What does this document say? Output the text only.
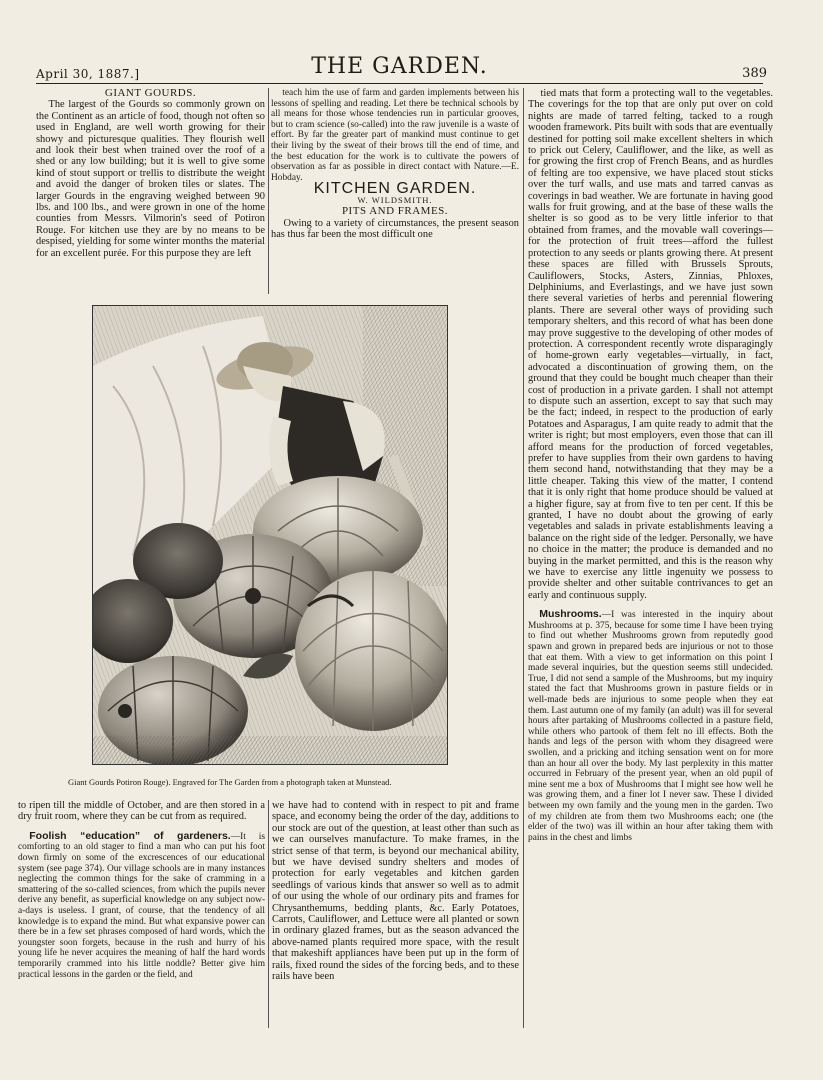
April 30, 1887.]	THE GARDEN.	389

GIANT GOURDS.

The largest of the Gourds so commonly grown on the Continent as an article of food, though not often so used in England, are well worth growing for their showy and picturesque qualities. They flourish well and look their best when trained over the roof of a shed or any low building; but it is well to give some kind of stout support or trellis to distribute the weight and avoid the danger of broken tiles or slates. The larger Gourds in the engraving weighed between 90 lbs. and 100 lbs., and were grown in one of the home counties from Messrs. Vilmorin's seed of Potiron Rouge. For kitchen use they are by no means to be despised, yielding for some winter months the material for an excellent purée. For this purpose they are left

teach him the use of farm and garden implements between his lessons of spelling and reading. Let there be technical schools by all means for those whose tendencies run in particular grooves, but to cram science (so-called) into the raw juvenile is a waste of effort. By far the greater part of mankind must continue to get their living by the sweat of their brows till the end of time, and the best education for the work is to cultivate the powers of observation as far as possible in direct contact with Nature.—E. Hobday.

KITCHEN GARDEN.

W. WILDSMITH.

PITS AND FRAMES.

Owing to a variety of circumstances, the present season has thus far been the most difficult one

tied mats that form a protecting wall to the vegetables. The coverings for the top that are only put over on cold nights are made of tarred felting, tacked to a rough wooden framework. Pits built with sods that are eventually destined for potting soil make excellent shelters in which to prick out Celery, Cauliflower, and the like, as well as for growing the first crop of French Beans, and as hurdles of felting are too expensive, we have placed stout sticks over the turf walls, and use mats and tarred canvas as coverings in bad weather. We are fortunate in having good walls for fruit growing, and at the base of these walls the shelter is so good as to be very little inferior to that obtained from frames, and the movable wall coverings—for the protection of fruit trees—afford the fullest protection to any seeds or plants growing there. At present these spaces are filled with Brussels Sprouts, Cauliflowers, Stocks, Asters, Zinnias, Phloxes, Delphiniums, and Everlastings, and we have just sown there several varieties of herbs and perennial flowering plants. There are several other ways of providing such temporary shelters, and this record of what has been done may prove suggestive to the developing of other modes of protection. A correspondent recently wrote disparagingly of home-grown early vegetables—virtually, in fact, advocated a discontinuation of growing them, on the ground that they could be bought much cheaper than their cost of production in a private garden. I shall not attempt to dispute such an assertion, except to say that such may be the fact; indeed, in respect to the production of early Potatoes and Asparagus, I am quite ready to admit that the writer is right; but most employers, even those that can ill afford means for the production of forced vegetables, prefer to have supplies from their own gardens to having them second hand, notwithstanding that they may be a little cheaper. Taking this view of the matter, I contend that it is only right that home produce should be valued at a higher figure, say at from five to ten per cent. If this be granted, I have no doubt about the growing of early vegetables and salads in private establishments leaving a balance on the right side of the ledger. Personally, we have no choice in the matter; the produce is demanded and no buying in the market permitted, and this is the reason why we have to exercise any little ingenuity we possess to provide shelter and other suitable contrivances to get an early and continuous supply.

Mushrooms.—I was interested in the inquiry about Mushrooms at p. 375, because for some time I have been trying to find out whether Mushrooms grown from reputedly good spawn and grown in prepared beds are injurious or not to those that eat them. With a view to get information on this point I made several inquiries, but the question seems still undecided. True, I did not send a sample of the Mushrooms, but my inquiry stated the fact that Mushrooms grown in pasture fields or in well-made beds are injurious to some people when they eat them. Last autumn one of my family (an adult) was ill for several hours after partaking of Mushrooms collected in a pasture field, while others who partook of them felt no ill effects. Both the hands and legs of the person with whom they disagreed were swollen, and a pricking and itching sensation went on for more than an hour all over the body. My last perplexity in this matter occurred in February of the present year, when an old pupil of mine sent me a box of Mushrooms that I might see how well he was growing them, and a finer lot I never saw. These I divided between my own family and the young men in the garden. Two of my children ate from them two Mushrooms each; one (the elder of the two) was ill within an hour after taking them with pains in the chest and limbs

Giant Gourds Potiron Rouge). Engraved for The Garden from a photograph taken at Munstead.

to ripen till the middle of October, and are then stored in a dry fruit room, where they can be cut from as required.

Foolish “education” of gardeners.—It is comforting to an old stager to find a man who can put his foot down firmly on some of the excrescences of our educational system (see page 374). Our village schools are in many instances neglecting the common things for the sake of cramming in a smattering of the so-called sciences, from which the pupils never derive any benefit, as superficial knowledge on any subject now-a-days is useless. I grant, of course, that the tendency of all knowledge is to expand the mind. But what expansive power can there be in a few set phrases composed of hard words, which the youngster soon forgets, because in the rush and hurry of his young life he never acquires the meaning of half the hard words temporarily crammed into his little noddle? Better give him practical lessons in the garden or the field, and

we have had to contend with in respect to pit and frame space, and economy being the order of the day, additions to our stock are out of the question, at least other than such as we can ourselves manufacture. To make frames, in the strict sense of that term, is beyond our mechanical ability, but we have devised sundry shelters and modes of protection for early vegetables and kitchen garden seedlings of various kinds that answer so well as to admit of our using the whole of our ordinary pits and frames for Chrysanthemums, bedding plants, &c. Early Potatoes, Carrots, Cauliflower, and Lettuce were all planted or sown in ordinary glazed frames, but as the season advanced the above-named plants required more space, with the result that makeshift appliances have been put up in the form of rails, fixed round the sides of the forcing beds, and to these rails have been
